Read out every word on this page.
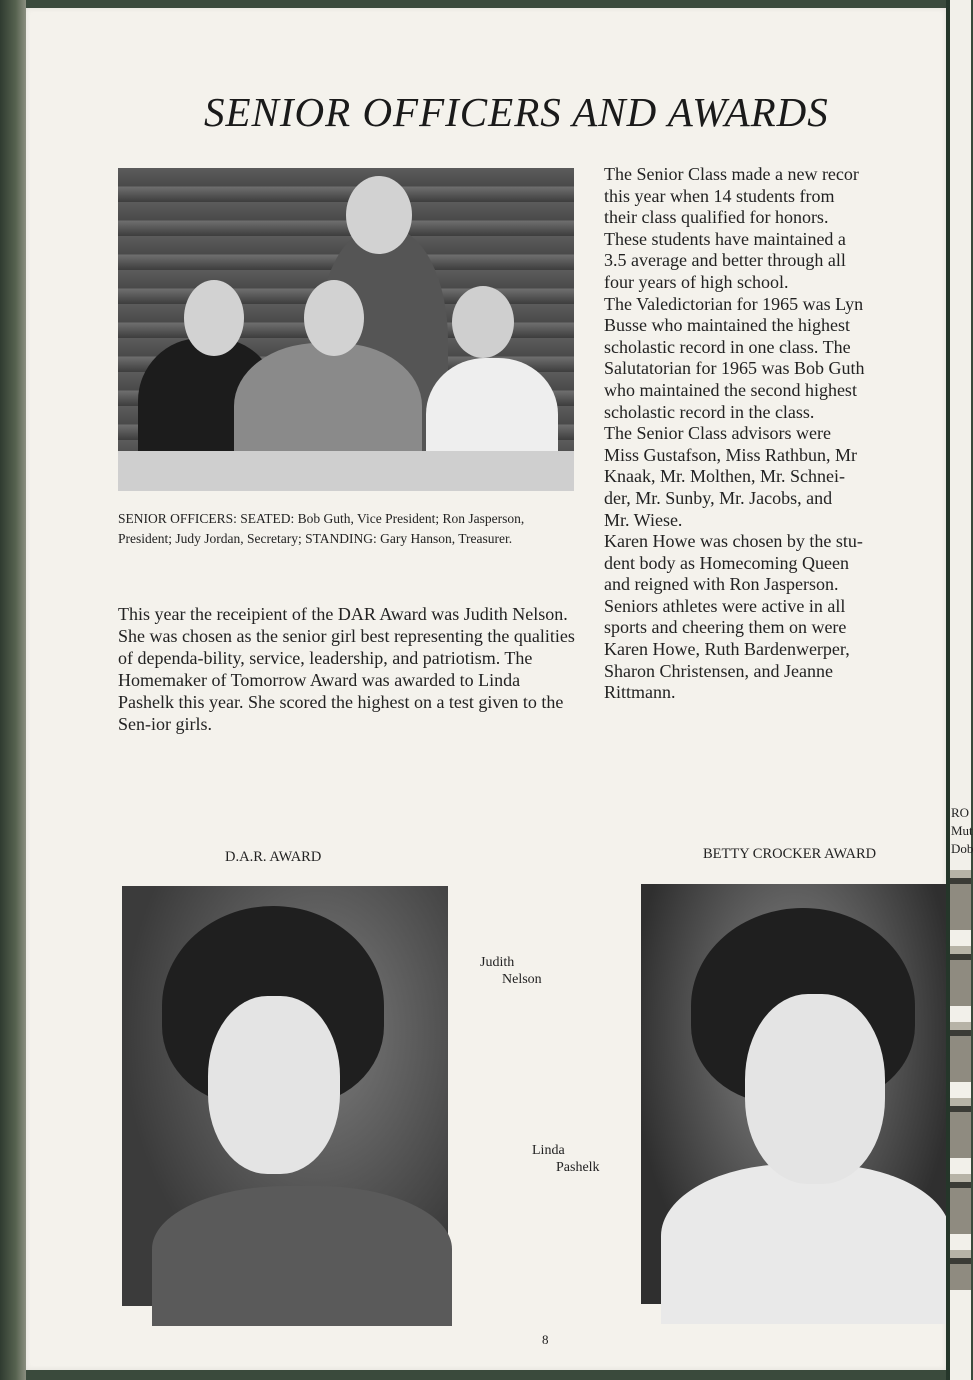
SENIOR OFFICERS AND AWARDS
SENIOR OFFICERS: SEATED: Bob Guth, Vice President; Ron Jasperson, President; Judy Jordan, Secretary; STANDING: Gary Hanson, Treasurer.

This year the receipient of the DAR Award was Judith Nelson. She was chosen as the senior girl best representing the qualities of dependa-bility, service, leadership, and patriotism. The Homemaker of Tomorrow Award was awarded to Linda Pashelk this year. She scored the highest on a test given to the Sen-ior girls.

The Senior Class made a new recor
this year when 14 students from
their class qualified for honors.
These students have maintained a
3.5 average and better through all
four years of high school.
The Valedictorian for 1965 was Lyn
Busse who maintained the highest
scholastic record in one class. The
Salutatorian for 1965 was Bob Guth
who maintained the second highest
scholastic record in the class.
The Senior Class advisors were
Miss Gustafson, Miss Rathbun, Mr
Knaak, Mr. Molthen, Mr. Schnei-
der, Mr. Sunby, Mr. Jacobs, and
Mr. Wiese.
Karen Howe was chosen by the stu-
dent body as Homecoming Queen
and reigned with Ron Jasperson.
Seniors athletes were active in all
sports and cheering them on were
Karen Howe, Ruth Bardenwerper,
Sharon Christensen, and Jeanne
Rittmann.
D.A.R. AWARD	BETTY CROCKER AWARD
Judith
Nelson
Linda
Pashelk
8
RO
Mut
Dob
